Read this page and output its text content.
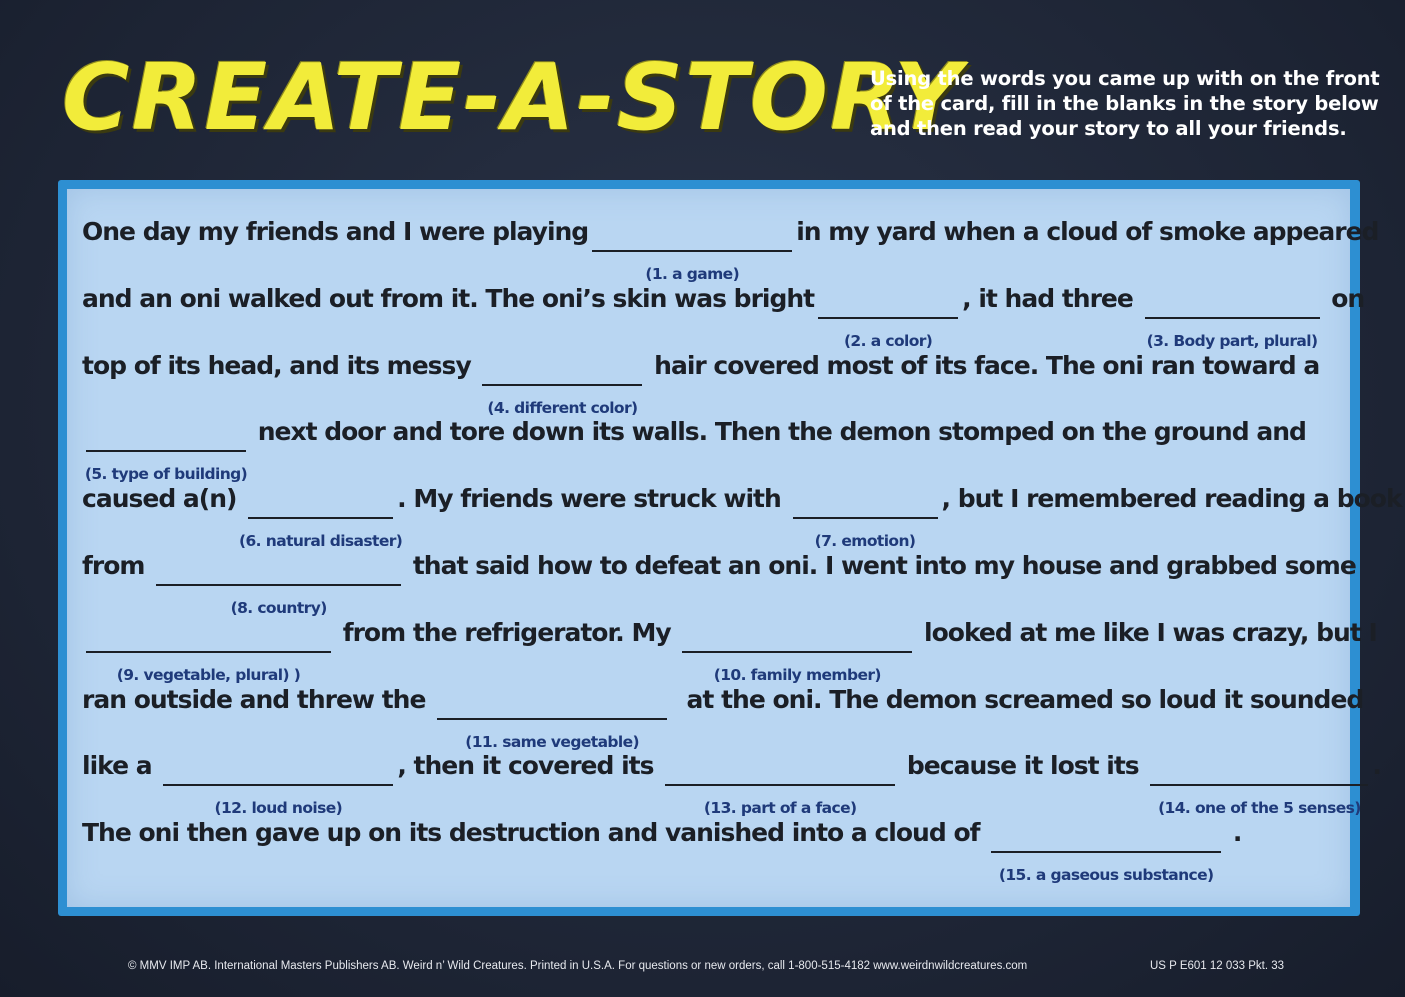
CREATE-A-STORY
Using the words you came up with on the front of the card, fill in the blanks in the story below and then read your story to all your friends.
One day my friends and I were playing
(1. a game)
in my yard when a cloud of smoke appeared
and an oni walked out from it. The oni’s skin was bright
(2. a color)
, it had three
(3. Body part, plural)
on
top of its head, and its messy
(4. different color)
hair covered most of its face. The oni ran toward a
(5. type of building)
next door and tore down its walls. Then the demon stomped on the ground and
caused a(n)
(6. natural disaster)
. My friends were struck with
(7. emotion)
, but I remembered reading a book
from
(8. country)
that said how to defeat an oni. I went into my house and grabbed some
(9. vegetable, plural) )
from the refrigerator. My
(10. family member)
looked at me like I was crazy, but I
ran outside and threw the
(11. same vegetable)
at the oni. The demon screamed so loud it sounded
like a
(12. loud noise)
, then it covered its
(13. part of a face)
because it lost its
(14. one of the 5 senses)
.
The oni then gave up on its destruction and vanished into a cloud of
(15. a gaseous substance)
.
© MMV IMP AB. International Masters Publishers AB. Weird n’ Wild Creatures. Printed in U.S.A. For questions or new orders, call 1-800-515-4182 www.weirdnwildcreatures.com	US P E601 12 033 Pkt. 33
